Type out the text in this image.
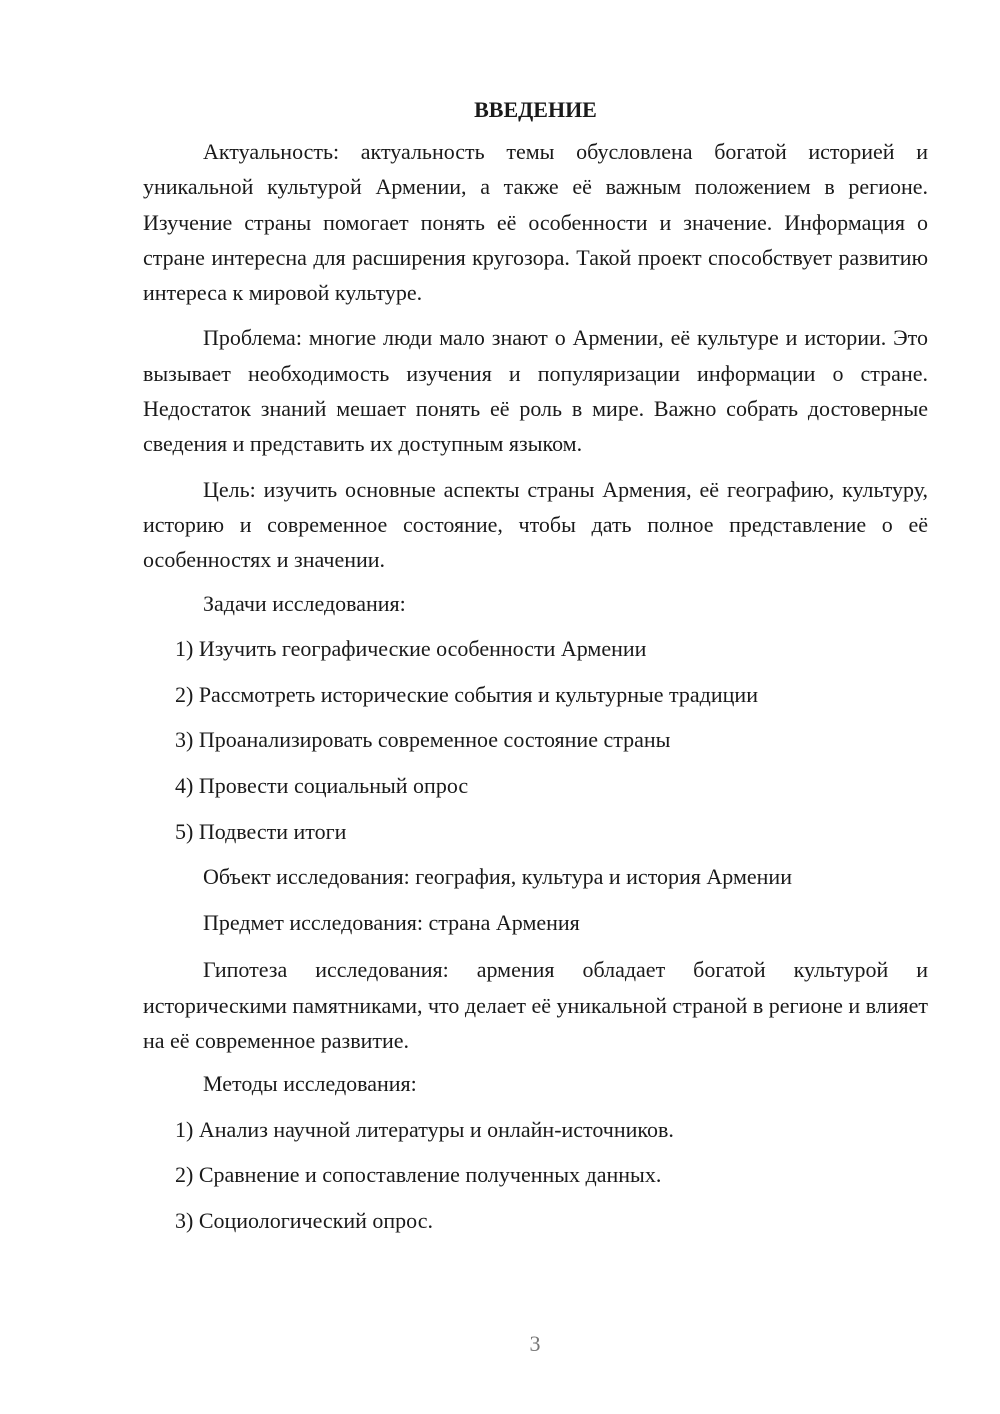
ВВЕДЕНИЕ

Актуальность: актуальность темы обусловлена богатой историей и уникальной культурой Армении, а также её важным положением в регионе. Изучение страны помогает понять её особенности и значение. Информация о стране интересна для расширения кругозора. Такой проект способствует развитию интереса к мировой культуре.

Проблема: многие люди мало знают о Армении, её культуре и истории. Это вызывает необходимость изучения и популяризации информации о стране. Недостаток знаний мешает понять её роль в мире. Важно собрать достоверные сведения и представить их доступным языком.

Цель: изучить основные аспекты страны Армения, её географию, культуру, историю и современное состояние, чтобы дать полное представление о её особенностях и значении.

Задачи исследования:
1) Изучить географические особенности Армении
2) Рассмотреть исторические события и культурные традиции
3) Проанализировать современное состояние страны
4) Провести социальный опрос
5) Подвести итоги
Объект исследования: география, культура и история Армении
Предмет исследования: страна Армения

Гипотеза исследования: армения обладает богатой культурой и историческими памятниками, что делает её уникальной страной в регионе и влияет на её современное развитие.

Методы исследования:
1) Анализ научной литературы и онлайн-источников.
2) Сравнение и сопоставление полученных данных.
3) Социологический опрос.
3
